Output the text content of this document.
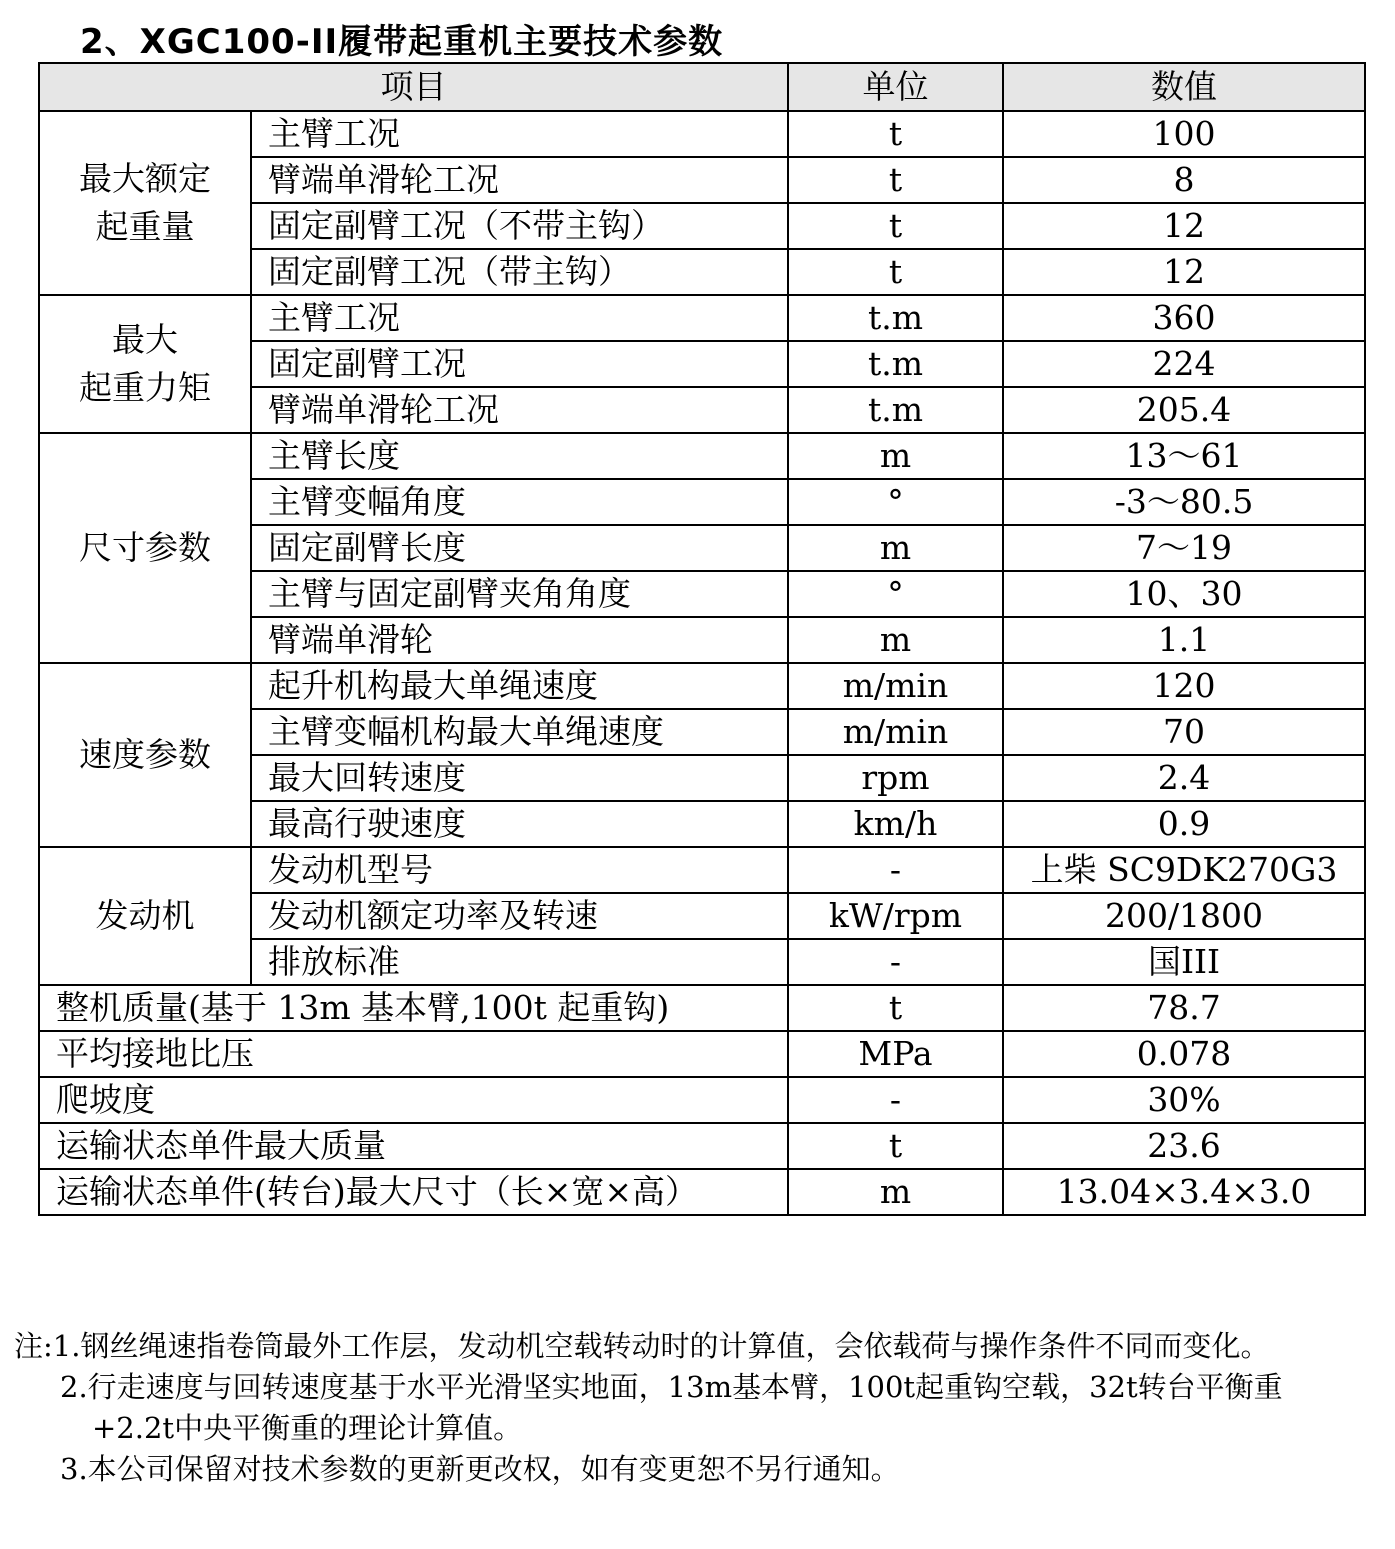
2、XGC100-II履带起重机主要技术参数
项目		单位	数值

最大额定
起重量	主臂工况	t	100
	臂端单滑轮工况	t	8
	固定副臂工况（不带主钩）	t	12
	固定副臂工况（带主钩）	t	12

最大
起重力矩	主臂工况	t.m	360
	固定副臂工况	t.m	224
	臂端单滑轮工况	t.m	205.4

尺寸参数	主臂长度	m	13～61
	主臂变幅角度	°	-3～80.5
	固定副臂长度	m	7～19
	主臂与固定副臂夹角角度	°	10、30
	臂端单滑轮	m	1.1

速度参数	起升机构最大单绳速度	m/min	120
	主臂变幅机构最大单绳速度	m/min	70
	最大回转速度	rpm	2.4
	最高行驶速度	km/h	0.9

发动机	发动机型号	-	上柴 SC9DK270G3
	发动机额定功率及转速	kW/rpm	200/1800
	排放标准	-	国III
整机质量(基于 13m 基本臂,100t 起重钩)		t	78.7
平均接地比压		MPa	0.078
爬坡度		-	30%
运输状态单件最大质量		t	23.6
运输状态单件(转台)最大尺寸（长×宽×高）		m	13.04×3.4×3.0
注:1.钢丝绳速指卷筒最外工作层，发动机空载转动时的计算值，会依载荷与操作条件不同而变化。
2.行走速度与回转速度基于水平光滑坚实地面，13m基本臂，100t起重钩空载，32t转台平衡重
+2.2t中央平衡重的理论计算值。
3.本公司保留对技术参数的更新更改权，如有变更恕不另行通知。
